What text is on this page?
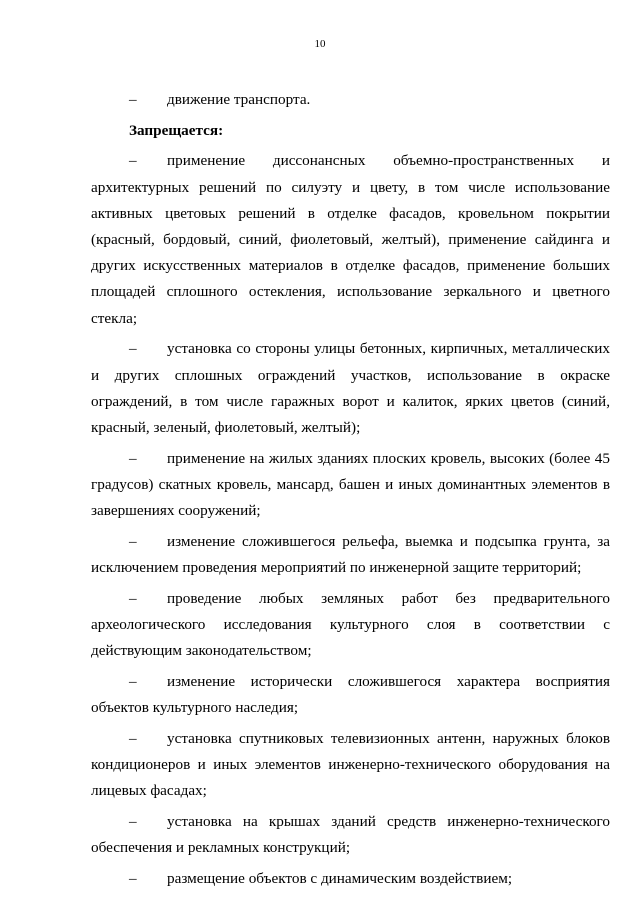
10

– движение транспорта.

Запрещается:

– применение диссонансных объемно-пространственных и архитектурных решений по силуэту и цвету, в том числе использование активных цветовых решений в отделке фасадов, кровельном покрытии (красный, бордовый, синий, фиолетовый, желтый), применение сайдинга и других искусственных материалов в отделке фасадов, применение больших площадей сплошного остекления, использование зеркального и цветного стекла;

– установка со стороны улицы бетонных, кирпичных, металлических и других сплошных ограждений участков, использование в окраске ограждений, в том числе гаражных ворот и калиток, ярких цветов (синий, красный, зеленый, фиолетовый, желтый);

– применение на жилых зданиях плоских кровель, высоких (более 45 градусов) скатных кровель, мансард, башен и иных доминантных элементов в завершениях сооружений;

– изменение сложившегося рельефа, выемка и подсыпка грунта, за исключением проведения мероприятий по инженерной защите территорий;

– проведение любых земляных работ без предварительного археологического исследования культурного слоя в соответствии с действующим законодательством;

– изменение исторически сложившегося характера восприятия объектов культурного наследия;

– установка спутниковых телевизионных антенн, наружных блоков кондиционеров и иных элементов инженерно-технического оборудования на лицевых фасадах;

– установка на крышах зданий средств инженерно-технического обеспечения и рекламных конструкций;

– размещение объектов с динамическим воздействием;
